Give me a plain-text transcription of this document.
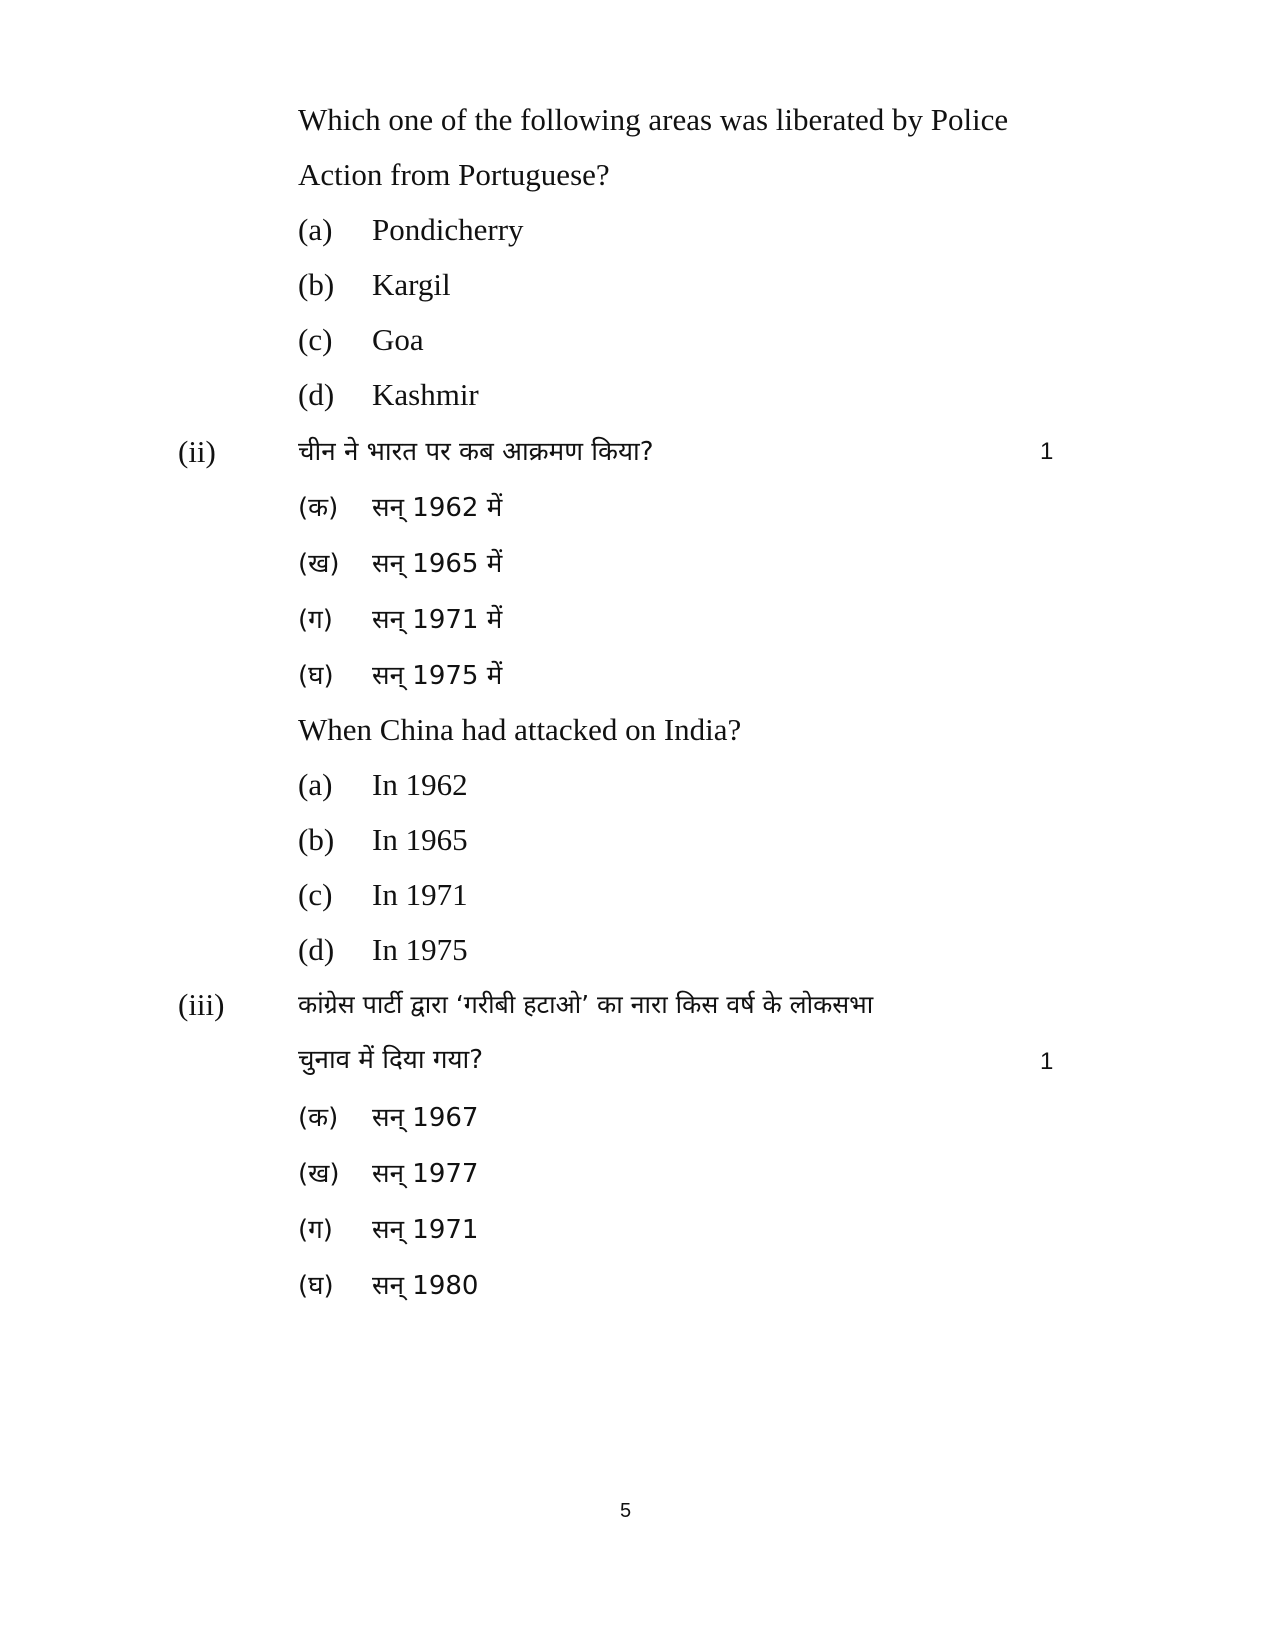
Which one of the following areas was liberated by Police
Action from Portuguese?
(a) Pondicherry
(b) Kargil
(c) Goa
(d) Kashmir
(ii)	चीन ने भारत पर कब आक्रमण किया?	1
(क) सन् 1962 में
(ख) सन् 1965 में
(ग) सन् 1971 में
(घ) सन् 1975 में
When China had attacked on India?
(a) In 1962
(b) In 1965
(c) In 1971
(d) In 1975
(iii)	कांग्रेस पार्टी द्वारा ‘गरीबी हटाओ’ का नारा किस वर्ष के लोकसभा
चुनाव में दिया गया?	1
(क) सन् 1967
(ख) सन् 1977
(ग) सन् 1971
(घ) सन् 1980
5
